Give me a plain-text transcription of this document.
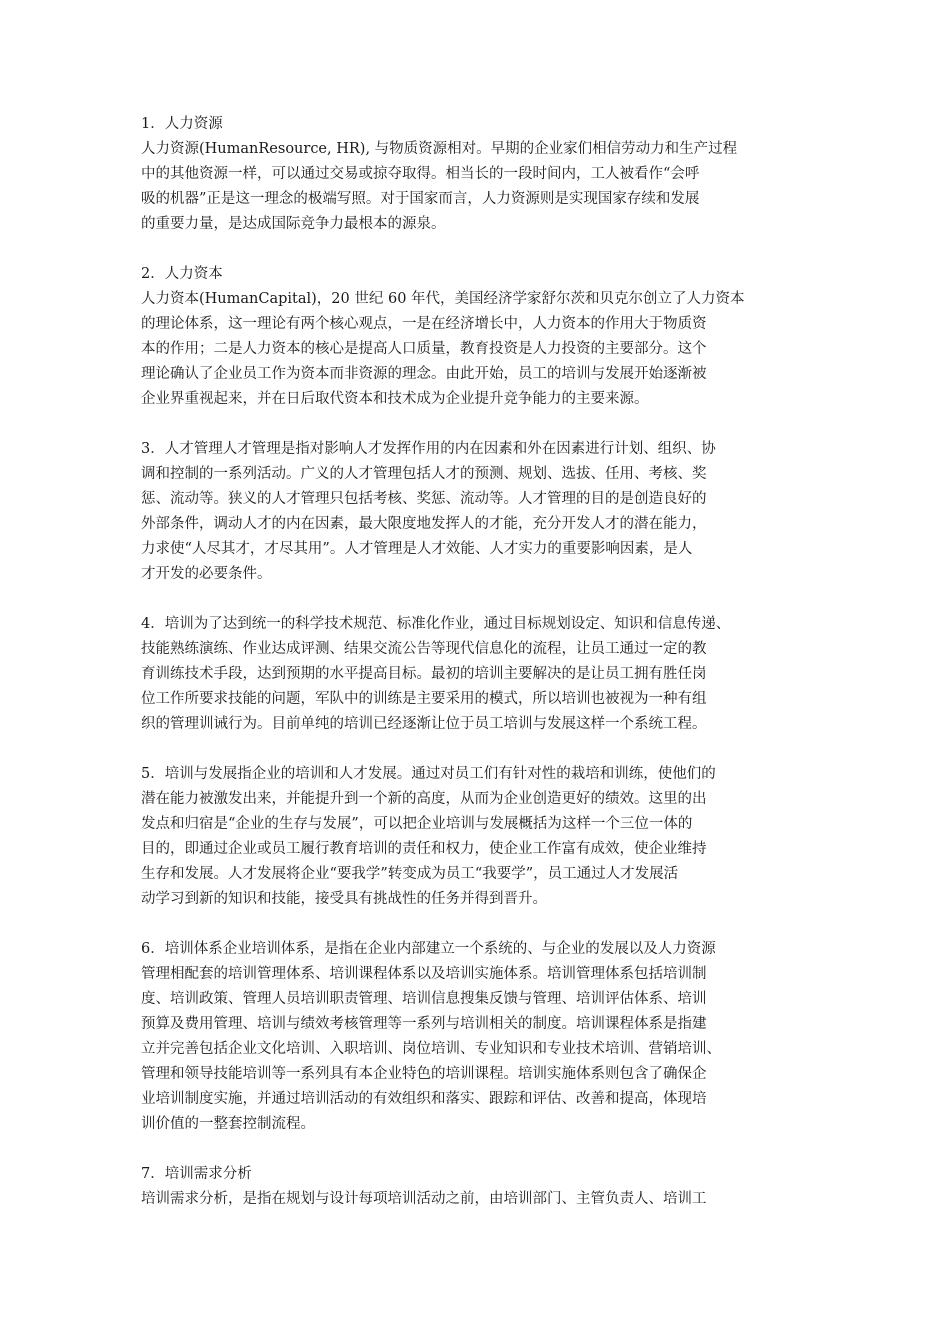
1．人力资源
人力资源(HumanResource, HR), 与物质资源相对。早期的企业家们相信劳动力和生产过程
中的其他资源一样，可以通过交易或掠夺取得。相当长的一段时间内，工人被看作“会呼
吸的机器”正是这一理念的极端写照。对于国家而言，人力资源则是实现国家存续和发展
的重要力量，是达成国际竞争力最根本的源泉。
2．人力资本
人力资本(HumanCapital)，20 世纪 60 年代，美国经济学家舒尔茨和贝克尔创立了人力资本
的理论体系，这一理论有两个核心观点，一是在经济增长中，人力资本的作用大于物质资
本的作用；二是人力资本的核心是提高人口质量，教育投资是人力投资的主要部分。这个
理论确认了企业员工作为资本而非资源的理念。由此开始，员工的培训与发展开始逐渐被
企业界重视起来，并在日后取代资本和技术成为企业提升竞争能力的主要来源。
3．人才管理人才管理是指对影响人才发挥作用的内在因素和外在因素进行计划、组织、协
调和控制的一系列活动。广义的人才管理包括人才的预测、规划、选拔、任用、考核、奖
惩、流动等。狭义的人才管理只包括考核、奖惩、流动等。人才管理的目的是创造良好的
外部条件，调动人才的内在因素，最大限度地发挥人的才能，充分开发人才的潜在能力，
力求使“人尽其才，才尽其用”。人才管理是人才效能、人才实力的重要影响因素，是人
才开发的必要条件。
4．培训为了达到统一的科学技术规范、标准化作业，通过目标规划设定、知识和信息传递、
技能熟练演练、作业达成评测、结果交流公告等现代信息化的流程，让员工通过一定的教
育训练技术手段，达到预期的水平提高目标。最初的培训主要解决的是让员工拥有胜任岗
位工作所要求技能的问题，军队中的训练是主要采用的模式，所以培训也被视为一种有组
织的管理训诫行为。目前单纯的培训已经逐渐让位于员工培训与发展这样一个系统工程。
5．培训与发展指企业的培训和人才发展。通过对员工们有针对性的栽培和训练，使他们的
潜在能力被激发出来，并能提升到一个新的高度，从而为企业创造更好的绩效。这里的出
发点和归宿是“企业的生存与发展”，可以把企业培训与发展概括为这样一个三位一体的
目的，即通过企业或员工履行教育培训的责任和权力，使企业工作富有成效，使企业维持
生存和发展。人才发展将企业“要我学”转变成为员工“我要学”，员工通过人才发展活
动学习到新的知识和技能，接受具有挑战性的任务并得到晋升。
6．培训体系企业培训体系，是指在企业内部建立一个系统的、与企业的发展以及人力资源
管理相配套的培训管理体系、培训课程体系以及培训实施体系。培训管理体系包括培训制
度、培训政策、管理人员培训职责管理、培训信息搜集反馈与管理、培训评估体系、培训
预算及费用管理、培训与绩效考核管理等一系列与培训相关的制度。培训课程体系是指建
立并完善包括企业文化培训、入职培训、岗位培训、专业知识和专业技术培训、营销培训、
管理和领导技能培训等一系列具有本企业特色的培训课程。培训实施体系则包含了确保企
业培训制度实施，并通过培训活动的有效组织和落实、跟踪和评估、改善和提高，体现培
训价值的一整套控制流程。
7．培训需求分析
培训需求分析，是指在规划与设计每项培训活动之前，由培训部门、主管负责人、培训工
